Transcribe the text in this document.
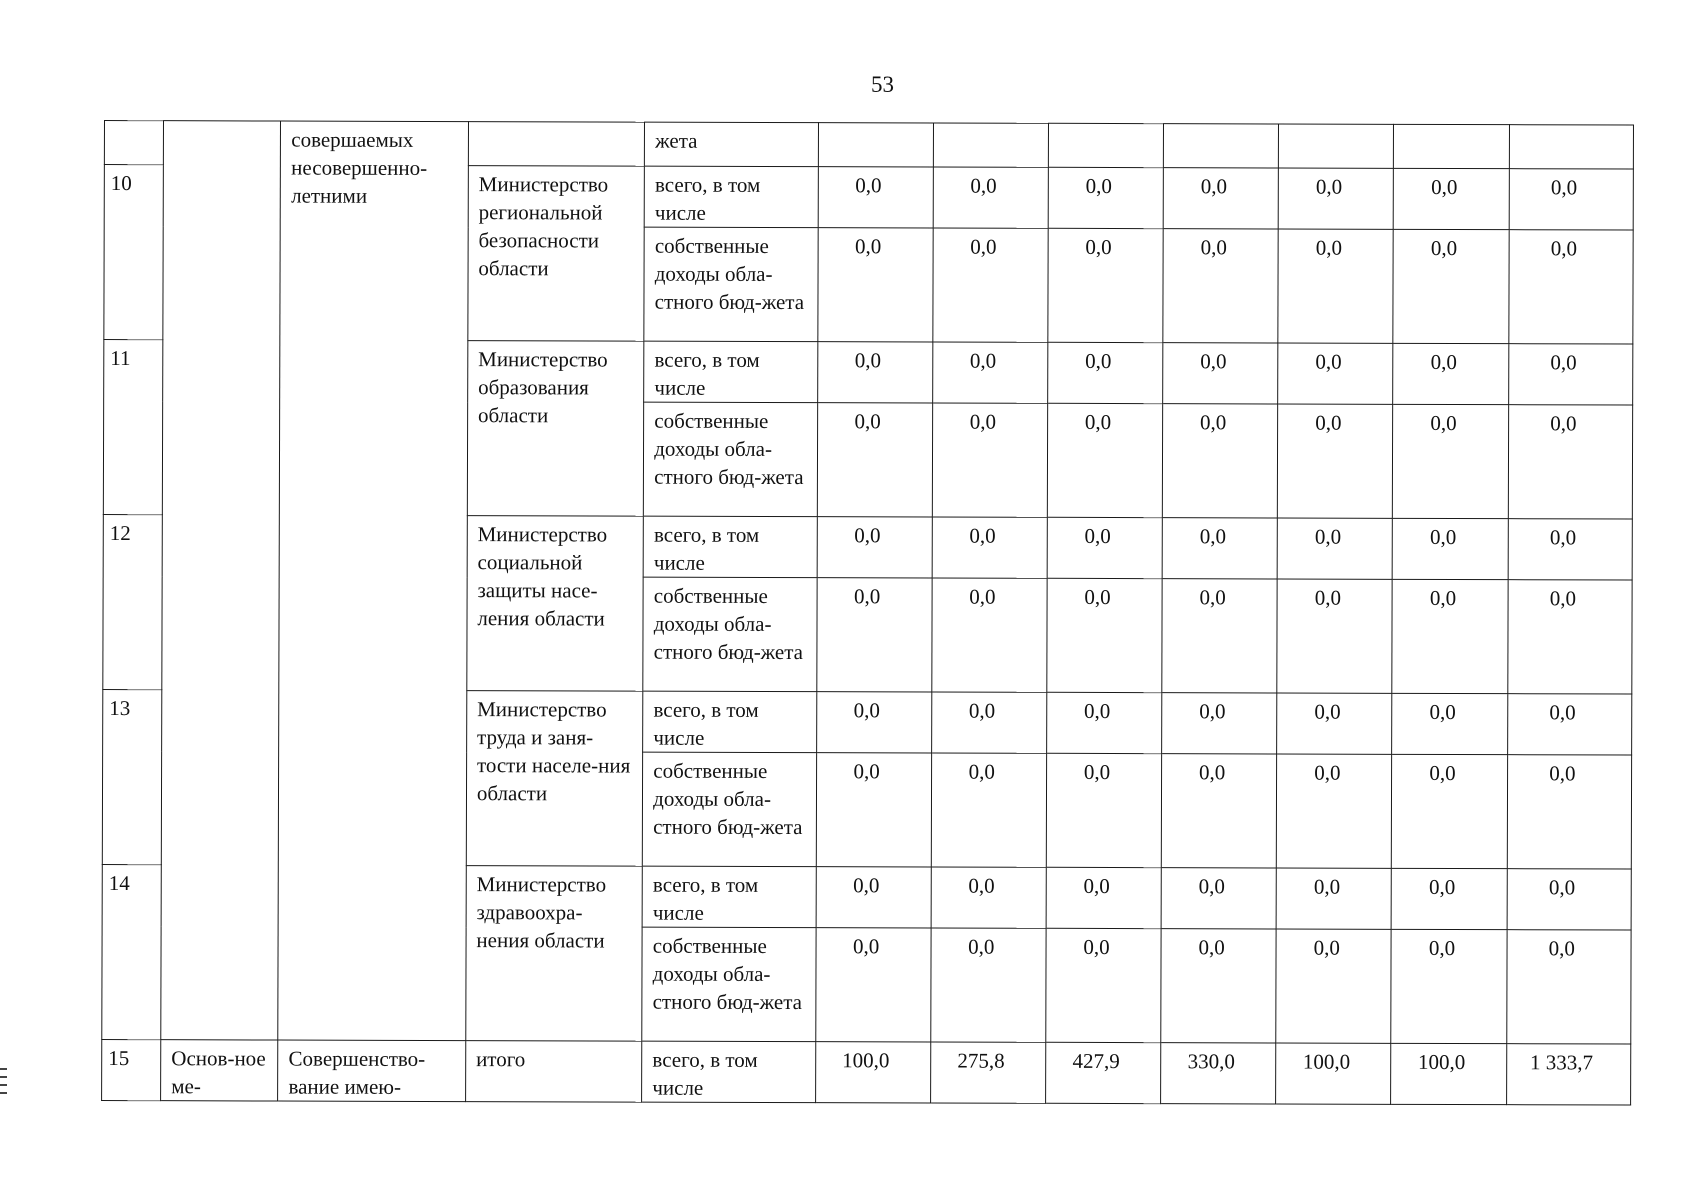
53
		совершаемых несовершенно-летними		жета							
10			Министерство региональной безопасности области	всего, в том числе	0,0	0,0	0,0	0,0	0,0	0,0	0,0
				собственные доходы обла-стного бюд-жета	0,0	0,0	0,0	0,0	0,0	0,0	0,0
11			Министерство образования области	всего, в том числе	0,0	0,0	0,0	0,0	0,0	0,0	0,0
				собственные доходы обла-стного бюд-жета	0,0	0,0	0,0	0,0	0,0	0,0	0,0
12			Министерство социальной защиты насе-ления области	всего, в том числе	0,0	0,0	0,0	0,0	0,0	0,0	0,0
				собственные доходы обла-стного бюд-жета	0,0	0,0	0,0	0,0	0,0	0,0	0,0
13			Министерство труда и заня-тости населе-ния области	всего, в том числе	0,0	0,0	0,0	0,0	0,0	0,0	0,0
				собственные доходы обла-стного бюд-жета	0,0	0,0	0,0	0,0	0,0	0,0	0,0
14			Министерство здравоохра-нения области	всего, в том числе	0,0	0,0	0,0	0,0	0,0	0,0	0,0
				собственные доходы обла-стного бюд-жета	0,0	0,0	0,0	0,0	0,0	0,0	0,0
15	Основ-ное ме-	Совершенство-вание имею-	итого	всего, в том числе	100,0	275,8	427,9	330,0	100,0	100,0	1 333,7
